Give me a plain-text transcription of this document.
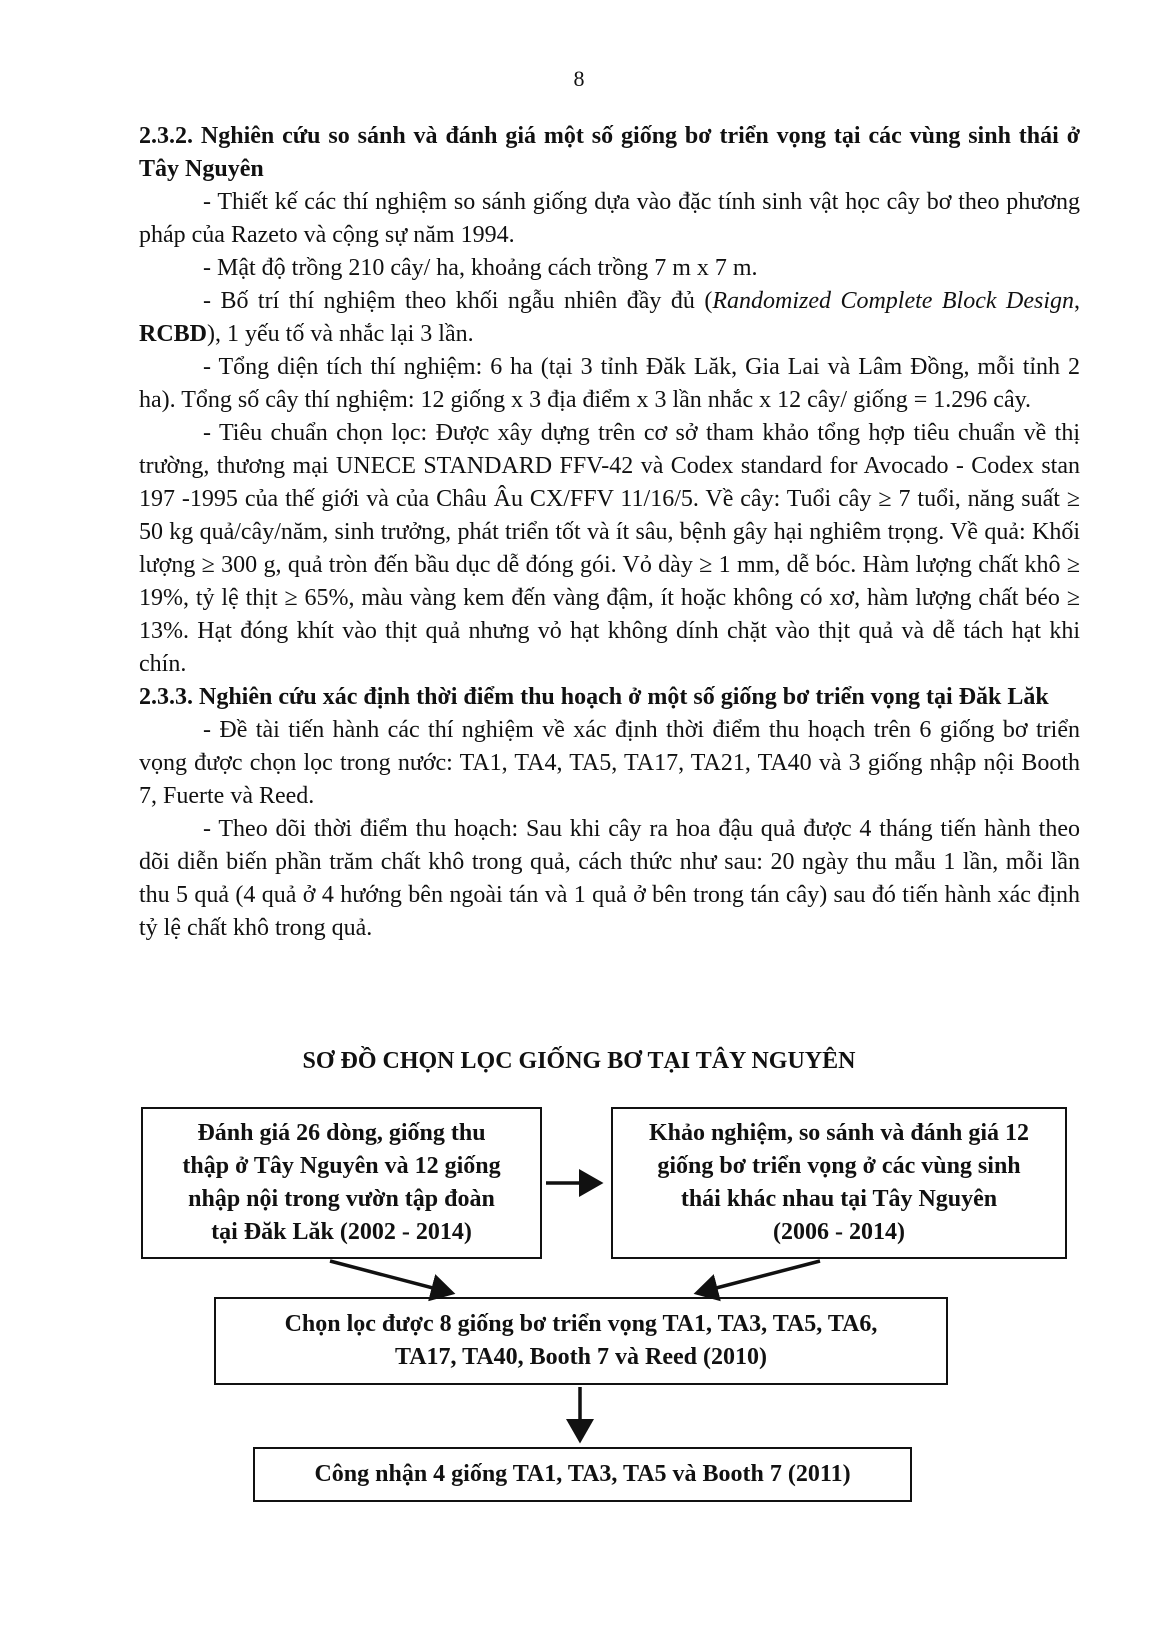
8

2.3.2. Nghiên cứu so sánh và đánh giá một số giống bơ triển vọng tại các vùng sinh thái ở Tây Nguyên

- Thiết kế các thí nghiệm so sánh giống dựa vào đặc tính sinh vật học cây bơ theo phương pháp của Razeto và cộng sự năm 1994.

- Mật độ trồng 210 cây/ ha, khoảng cách trồng 7 m x 7 m.

- Bố trí thí nghiệm theo khối ngẫu nhiên đầy đủ (Randomized Complete Block Design, RCBD), 1 yếu tố và nhắc lại 3 lần.

- Tổng diện tích thí nghiệm: 6 ha (tại 3 tỉnh Đăk Lăk, Gia Lai và Lâm Đồng, mỗi tỉnh 2 ha). Tổng số cây thí nghiệm: 12 giống x 3 địa điểm x 3 lần nhắc x 12 cây/ giống = 1.296 cây.

- Tiêu chuẩn chọn lọc: Được xây dựng trên cơ sở tham khảo tổng hợp tiêu chuẩn về thị trường, thương mại UNECE STANDARD FFV-42 và Codex standard for Avocado - Codex stan 197 -1995 của thế giới và của Châu Âu CX/FFV 11/16/5. Về cây: Tuổi cây ≥ 7 tuổi, năng suất ≥ 50 kg quả/cây/năm, sinh trưởng, phát triển tốt và ít sâu, bệnh gây hại nghiêm trọng. Về quả: Khối lượng ≥ 300 g, quả tròn đến bầu dục dễ đóng gói. Vỏ dày ≥ 1 mm, dễ bóc. Hàm lượng chất khô ≥ 19%, tỷ lệ thịt ≥ 65%, màu vàng kem đến vàng đậm, ít hoặc không có xơ, hàm lượng chất béo ≥ 13%. Hạt đóng khít vào thịt quả nhưng vỏ hạt không dính chặt vào thịt quả và dễ tách hạt khi chín.

2.3.3. Nghiên cứu xác định thời điểm thu hoạch ở một số giống bơ triển vọng tại Đăk Lăk

- Đề tài tiến hành các thí nghiệm về xác định thời điểm thu hoạch trên 6 giống bơ triển vọng được chọn lọc trong nước: TA1, TA4, TA5, TA17, TA21, TA40 và 3 giống nhập nội Booth 7, Fuerte và Reed.

- Theo dõi thời điểm thu hoạch: Sau khi cây ra hoa đậu quả được 4 tháng tiến hành theo dõi diễn biến phần trăm chất khô trong quả, cách thức như sau: 20 ngày thu mẫu 1 lần, mỗi lần thu 5 quả (4 quả ở 4 hướng bên ngoài tán và 1 quả ở bên trong tán cây) sau đó tiến hành xác định tỷ lệ chất khô trong quả.

SƠ ĐỒ CHỌN LỌC GIỐNG BƠ TẠI TÂY NGUYÊN
Đánh giá 26 dòng, giống thu
thập ở Tây Nguyên và 12 giống
nhập nội trong vườn tập đoàn
tại Đăk Lăk (2002 - 2014)
Khảo nghiệm, so sánh và đánh giá 12
giống bơ triển vọng ở các vùng sinh
thái khác nhau tại Tây Nguyên
(2006 - 2014)
Chọn lọc được 8 giống bơ triển vọng TA1, TA3, TA5, TA6,
TA17, TA40, Booth 7 và Reed (2010)
Công nhận 4 giống TA1, TA3, TA5 và Booth 7 (2011)
